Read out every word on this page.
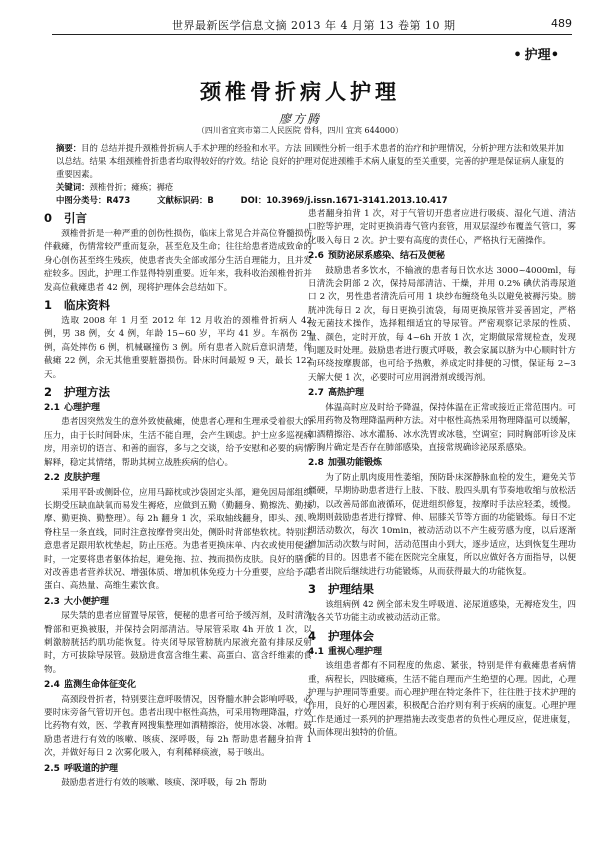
世界最新医学信息文摘 2013 年 4 月第 13 卷第 10 期	489
• 护理•
颈椎骨折病人护理
廖方腾
（四川省宜宾市第二人民医院 骨科，四川 宜宾 644000）

摘要：目的 总结并提升颈椎骨折病人手术护理的经验和水平。方法 回顾性分析一组手术患者的治疗和护理情况，分析护理方法和效果并加以总结。结果 本组颈椎骨折患者均取得较好的疗效。结论 良好的护理对促进颈椎手术病人康复的至关重要，完善的护理是保证病人康复的重要因素。

关键词：颈椎骨折；瘫痪；褥疮

中图分类号：R473	文献标识码：B	DOI：10.3969/j.issn.1671-3141.2013.10.417
0 引言

颈椎骨折是一种严重的创伤性损伤，临床上常见合并高位脊髓损伤伴截瘫，伤情常较严重而复杂，甚至危及生命；往往给患者造成致命的身心创伤甚至终生残疾，使患者丧失全部或部分生活自理能力，且并发症较多。因此，护理工作显得特别重要。近年来，我科收治颈椎骨折并发高位截瘫患者 42 例，现将护理体会总结如下。

1 临床资料

选取 2008 年 1 月至 2012 年 12 月收治的颈椎骨折病人 42 例，男 38 例，女 4 例，年龄 15~60 岁，平均 41 岁。车祸伤 29 例，高处摔伤 6 例，机械碾撞伤 3 例。所有患者入院后意识清楚，伴截瘫 22 例，余无其他重要脏器损伤。卧床时间最短 9 天，最长 122 天。

2 护理方法
2.1 心理护理

患者因突然发生的意外致使截瘫，使患者心理和生理承受着很大的压力，由于长时间卧床，生活不能自理，会产生顾虑。护士应多巡视病房，用亲切的语言、和善的面容，多与之交谈，给予安慰和必要的病情解释，稳定其情绪，帮助其树立战胜疾病的信心。

2.2 皮肤护理

采用平卧或侧卧位，应用马蹄枕或沙袋固定头部，避免因局部组织长期受压缺血缺氧而易发生褥疮，应做到五勤（勤翻身、勤擦洗、勤按摩、勤更换、勤整理）。每 2h 翻身 1 次，采取轴线翻身，即头、颈、脊柱呈一条直线，同时注意按摩骨突出处，侧卧时背部垫软枕。特别注意患者足跟用软枕垫起，防止压疮。为患者更换床单、内衣或使用便盆时，一定要将患者躯体抬起，避免拖、拉、拽而损伤皮肤。良好的膳食对改善患者营养状况、增强体质、增加机体免疫力十分重要，应给予高蛋白、高热量、高维生素饮食。

2.3 大小便护理

尿失禁的患者应留置导尿管，便秘的患者可给予缓泻剂，及时清洗臀部和更换被服，并保持会阴部清洁。导尿管采取 4h 开放 1 次，以刺激膀胱括约肌功能恢复。待夹闭导尿管膀胱内尿液充盈有排尿反射时，方可拔除导尿管。鼓励进食富含维生素、高蛋白、富含纤维素的食物。

2.4 监测生命体征变化

高颈段骨折者，特别要注意呼吸情况，因脊髓水肿会影响呼吸，必要时床旁备气管切开包。患者出现中枢性高热，可采用物理降温，疗效比药物有效，医、学教育网搜集整理如酒精擦浴，使用冰袋、冰帽。鼓励患者进行有效的咳嗽、咳痰、深呼吸，每 2h 帮助患者翻身拍背 1 次，并做好每日 2 次雾化吸入，有利稀释痰液，易于咳出。

2.5 呼吸道的护理

鼓励患者进行有效的咳嗽、咳痰、深呼吸，每 2h 帮助

患者翻身拍背 1 次，对于气管切开患者应进行吸痰、湿化气道、清洁口腔等护理，定时更换消毒气管内套管，用双层湿纱布覆盖气管口，雾化吸入每日 2 次。护士要有高度的责任心，严格执行无菌操作。

2.6 预防泌尿系感染、结石及便秘

鼓励患者多饮水，不输液的患者每日饮水达 3000~4000ml，每日清洗会阴部 2 次，保持局部清洁、干燥，并用 0.2% 碘伏消毒尿道口 2 次，男性患者清洗后可用 1 块纱布缠绕龟头以避免被褥污染。膀胱冲洗每日 2 次，每日更换引流袋，每周更换尿管并妥善固定，严格按无菌技术操作，选择粗细适宜的导尿管。严密观察记录尿的性质、量、颜色，定时开放，每 4~6h 开放 1 次，定期做尿常规检查，发现问题及时处理。鼓励患者进行腹式呼吸，教会家属以脐为中心顺时针方向环绕按摩腹部，也可给予热敷，养成定时排便的习惯，保证每 2~3 天解大便 1 次，必要时可应用润滑剂或缓泻剂。

2.7 高热护理

体温高时应及时给予降温，保持体温在正常或接近正常范围内。可采用药物及物理降温两种方法。对中枢性高热采用物理降温可以缓解，如酒精擦浴、冰水灌肠、冰水洗胃或冰毯，空调室；同时胸部听诊及床旁胸片确定是否存在肺部感染，直接常规确诊泌尿系感染。

2.8 加强功能锻炼

为了防止肌肉废用性萎缩，预防卧床深静脉血栓的发生，避免关节僵硬，早期协助患者进行上肢、下肢、股四头肌有节奏地收缩与放松活动，以改善局部血液循环，促进组织修复，按摩时手法应轻柔，缓慢。晚期则鼓励患者进行撑臂、伸、屈膝关节等方面的功能锻炼。每日不定期活动数次，每次 10min，被动活动以不产生疲劳感为度，以后逐渐增加活动次数与时间，活动范围由小到大，逐步适应，达到恢复生理功能的目的。因患者不能在医院完全康复，所以应做好各方面指导，以便患者出院后继续进行功能锻炼，从而获得最大的功能恢复。

3 护理结果

该组病例 42 例全部未发生呼吸道、泌尿道感染，无褥疮发生，四肢各关节功能主动或被动活动正常。

4 护理体会
4.1 重视心理护理

该组患者都有不同程度的焦虑、紧张，特别是伴有截瘫患者病情重，病程长，四肢瘫痪，生活不能自理而产生绝望的心理。因此，心理护理与护理同等重要。而心理护理在特定条件下，往往胜于技术护理的作用，良好的心理因素，积极配合治疗则有利于疾病的康复。心理护理工作是通过一系列的护理措施去改变患者的负性心理反应，促进康复，从而体现出独特的价值。
